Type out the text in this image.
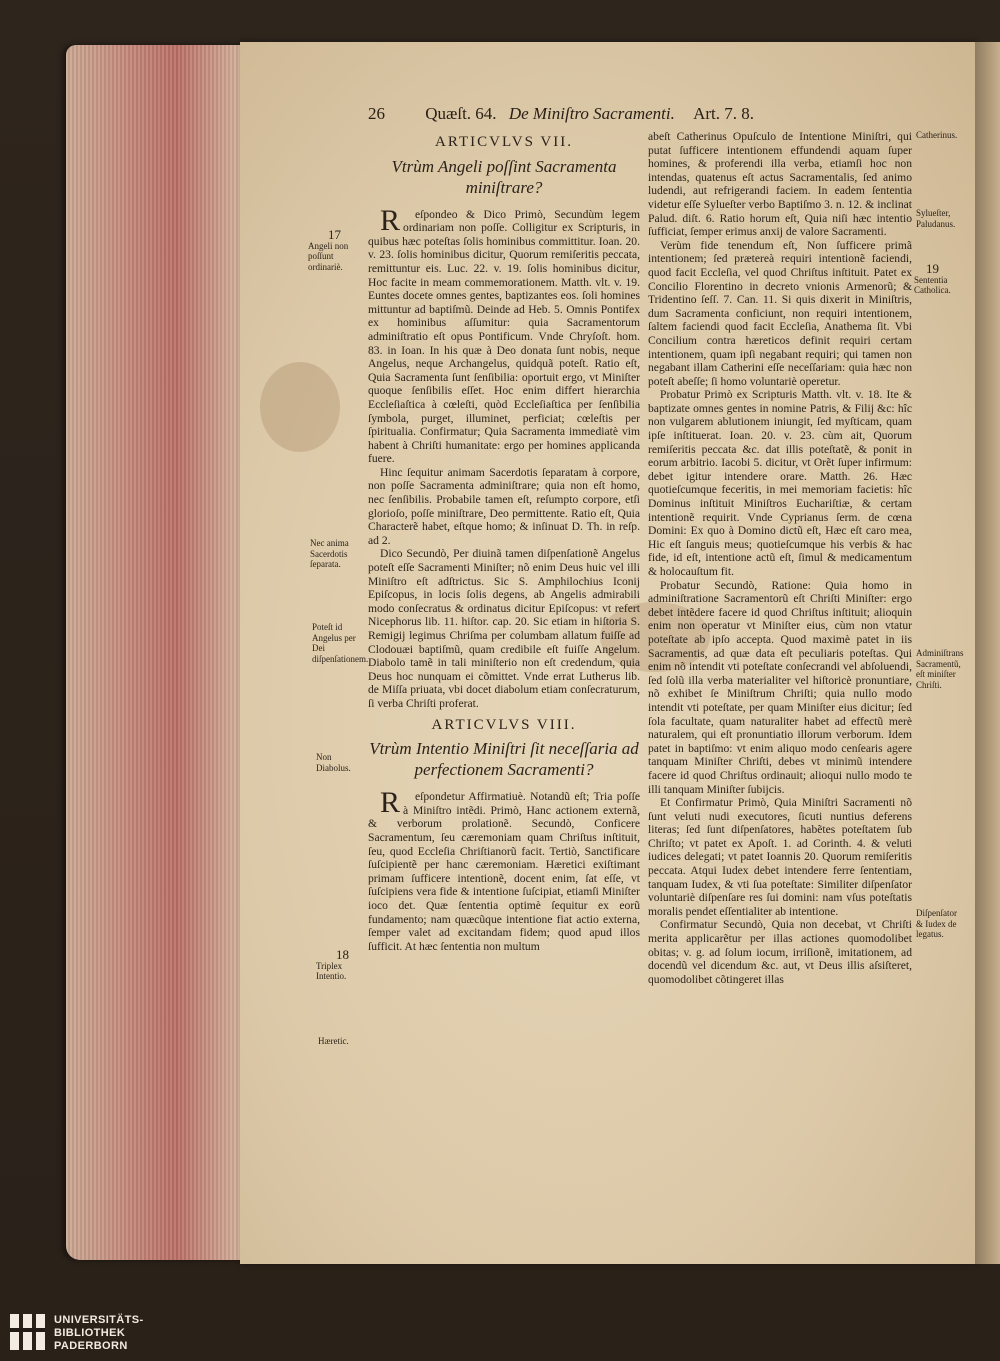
26 Quæſt. 64. De Miniſtro Sacramenti. Art. 7. 8.

ARTICVLVS VII.

Vtrùm Angeli poſſint Sacramenta miniſtrare?

Reſpondeo & Dico Primò, Secundùm legem ordinariam non poſſe. Colligitur ex Scripturis, in quibus hæc poteſtas ſolis hominibus committitur. Ioan. 20. v. 23. ſolis hominibus dicitur, Quorum remiſeritis peccata, remittuntur eis. Luc. 22. v. 19. ſolis hominibus dicitur, Hoc facite in meam commemorationem. Matth. vlt. v. 19. Euntes docete omnes gentes, baptizantes eos. ſoli homines mittuntur ad baptiſmũ. Deinde ad Heb. 5. Omnis Pontifex ex hominibus aſſumitur: quia Sacramentorum adminiſtratio eſt opus Pontificum. Vnde Chryſoſt. hom. 83. in Ioan. In his quæ à Deo donata ſunt nobis, neque Angelus, neque Archangelus, quidquã poteſt. Ratio eſt, Quia Sacramenta ſunt ſenſibilia: oportuit ergo, vt Miniſter quoque ſenſibilis eſſet. Hoc enim differt hierarchia Eccleſiaſtica à cœleſti, quòd Eccleſiaſtica per ſenſibilia ſymbola, purget, illuminet, perficiat; cœleſtis per ſpiritualia. Confirmatur; Quia Sacramenta immediatè vim habent à Chriſti humanitate: ergo per homines applicanda fuere.

Hinc ſequitur animam Sacerdotis ſeparatam à corpore, non poſſe Sacramenta adminiſtrare; quia non eſt homo, nec ſenſibilis. Probabile tamen eſt, reſumpto corpore, etſi glorioſo, poſſe miniſtrare, Deo permittente. Ratio eſt, Quia Characterẽ habet, eſtque homo; & inſinuat D. Th. in reſp. ad 2.

Dico Secundò, Per diuinã tamen diſpenſationẽ Angelus poteſt eſſe Sacramenti Miniſter; nõ enim Deus huic vel illi Miniſtro eſt adſtrictus. Sic S. Amphilochius Iconij Epiſcopus, in locis ſolis degens, ab Angelis admirabili modo conſecratus & ordinatus dicitur Epiſcopus: vt refert Nicephorus lib. 11. hiſtor. cap. 20. Sic etiam in hiſtoria S. Remigij legimus Chriſma per columbam allatum fuiſſe ad Clodouæi baptiſmũ, quam credibile eſt fuiſſe Angelum. Diabolo tamẽ in tali miniſterio non eſt credendum, quia Deus hoc nunquam ei cõmittet. Vnde errat Lutherus lib. de Miſſa priuata, vbi docet diabolum etiam conſecraturum, ſi verba Chriſti proferat.

ARTICVLVS VIII.

Vtrùm Intentio Miniſtri ſit neceſſaria ad perfectionem Sacramenti?

Reſpondetur Affirmatiuè. Notandũ eſt; Tria poſſe à Miniſtro intẽdi. Primò, Hanc actionem externã, & verborum prolationẽ. Secundò, Conficere Sacramentum, ſeu cæremoniam quam Chriſtus inſtituit, ſeu, quod Eccleſia Chriſtianorũ facit. Tertiò, Sanctificare ſuſcipientẽ per hanc cæremoniam. Hæretici exiſtimant primam ſufficere intentionẽ, docent enim, ſat eſſe, vt ſuſcipiens vera fide & intentione ſuſcipiat, etiamſi Miniſter ioco det. Quæ ſententia optimè ſequitur ex eorũ fundamento; nam quæcũque intentione fiat actio externa, ſemper valet ad excitandam fidem; quod apud illos ſufficit. At hæc ſententia non multum

abeſt Catherinus Opuſculo de Intentione Miniſtri, qui putat ſufficere intentionem effundendi aquam ſuper homines, & proferendi illa verba, etiamſi hoc non intendas, quatenus eſt actus Sacramentalis, ſed animo ludendi, aut refrigerandi faciem. In eadem ſententia videtur eſſe Sylueſter verbo Baptiſmo 3. n. 12. & inclinat Palud. diſt. 6. Ratio horum eſt, Quia niſi hæc intentio ſufficiat, ſemper erimus anxij de valore Sacramenti.

Verùm fide tenendum eſt, Non ſufficere primã intentionem; ſed prætereà requiri intentionẽ faciendi, quod facit Eccleſia, vel quod Chriſtus inſtituit. Patet ex Concilio Florentino in decreto vnionis Armenorũ; & Tridentino ſeſſ. 7. Can. 11. Si quis dixerit in Miniſtris, dum Sacramenta conficiunt, non requiri intentionem, ſaltem faciendi quod facit Eccleſia, Anathema ſit. Vbi Concilium contra hæreticos definit requiri certam intentionem, quam ipſi negabant requiri; qui tamen non negabant illam Catherini eſſe neceſſariam: quia hæc non poteſt abeſſe; ſi homo voluntariè operetur.

Probatur Primò ex Scripturis Matth. vlt. v. 18. Ite & baptizate omnes gentes in nomine Patris, & Filij &c: hîc non vulgarem ablutionem iniungit, ſed myſticam, quam ipſe inſtituerat. Ioan. 20. v. 23. cùm ait, Quorum remiſeritis peccata &c. dat illis poteſtatẽ, & ponit in eorum arbitrio. Iacobi 5. dicitur, vt Orẽt ſuper infirmum: debet igitur intendere orare. Matth. 26. Hæc quotieſcumque feceritis, in mei memoriam facietis: hîc Dominus inſtituit Miniſtros Euchariſtiæ, & certam intentionẽ requirit. Vnde Cyprianus ſerm. de cœna Domini: Ex quo à Domino dictũ eſt, Hæc eſt caro mea, Hic eſt ſanguis meus; quotieſcumque his verbis & hac fide, id eſt, intentione actũ eſt, ſimul & medicamentum & holocauſtum fit.

Probatur Secundò, Ratione: Quia homo in adminiſtratione Sacramentorũ eſt Chriſti Miniſter: ergo debet intẽdere facere id quod Chriſtus inſtituit; alioquin enim non operatur vt Miniſter eius, cùm non vtatur poteſtate ab ipſo accepta. Quod maximè patet in iis Sacramentis, ad quæ data eſt peculiaris poteſtas. Qui enim nõ intendit vti poteſtate conſecrandi vel abſoluendi, ſed ſolũ illa verba materialiter vel hiſtoricè pronuntiare, nõ exhibet ſe Miniſtrum Chriſti; quia nullo modo intendit vti poteſtate, per quam Miniſter eius dicitur; ſed ſola facultate, quam naturaliter habet ad effectũ merè naturalem, qui eſt pronuntiatio illorum verborum. Idem patet in baptiſmo: vt enim aliquo modo cenſearis agere tanquam Miniſter Chriſti, debes vt minimũ intendere facere id quod Chriſtus ordinauit; alioqui nullo modo te illi tanquam Miniſter ſubijcis.

Et Confirmatur Primò, Quia Miniſtri Sacramenti nõ ſunt veluti nudi executores, ſicuti nuntius deferens literas; ſed ſunt diſpenſatores, habẽtes poteſtatem ſub Chriſto; vt patet ex Apoſt. 1. ad Corinth. 4. & veluti iudices delegati; vt patet Ioannis 20. Quorum remiſeritis peccata. Atqui Iudex debet intendere ferre ſententiam, tanquam Iudex, & vti ſua poteſtate: Similiter diſpenſator voluntariè diſpenſare res ſui domini: nam vſus poteſtatis moralis pendet eſſentialiter ab intentione.

Confirmatur Secundò, Quia non decebat, vt Chriſti merita applicarẽtur per illas actiones quomodolibet obitas; v. g. ad ſolum iocum, irriſionẽ, imitationem, ad docendũ vel dicendum &c. aut, vt Deus illis aſsiſteret, quomodolibet cõtingeret illas

17
Angeli non poſſunt ordinariè.
Nec anima Sacerdotis ſeparata.
Poteſt id Angelus per Dei diſpenſationem.
Non Diabolus.
18
Triplex Intentio.
Hæretic.
Catherinus.
Sylueſter, Paludanus.
19
Sententia Catholica.
Adminiſtrans Sacramentũ, eſt miniſter Chriſti.
Diſpenſator & Iudex de legatus.
UNIVERSITÄTS-
BIBLIOTHEK
PADERBORN
